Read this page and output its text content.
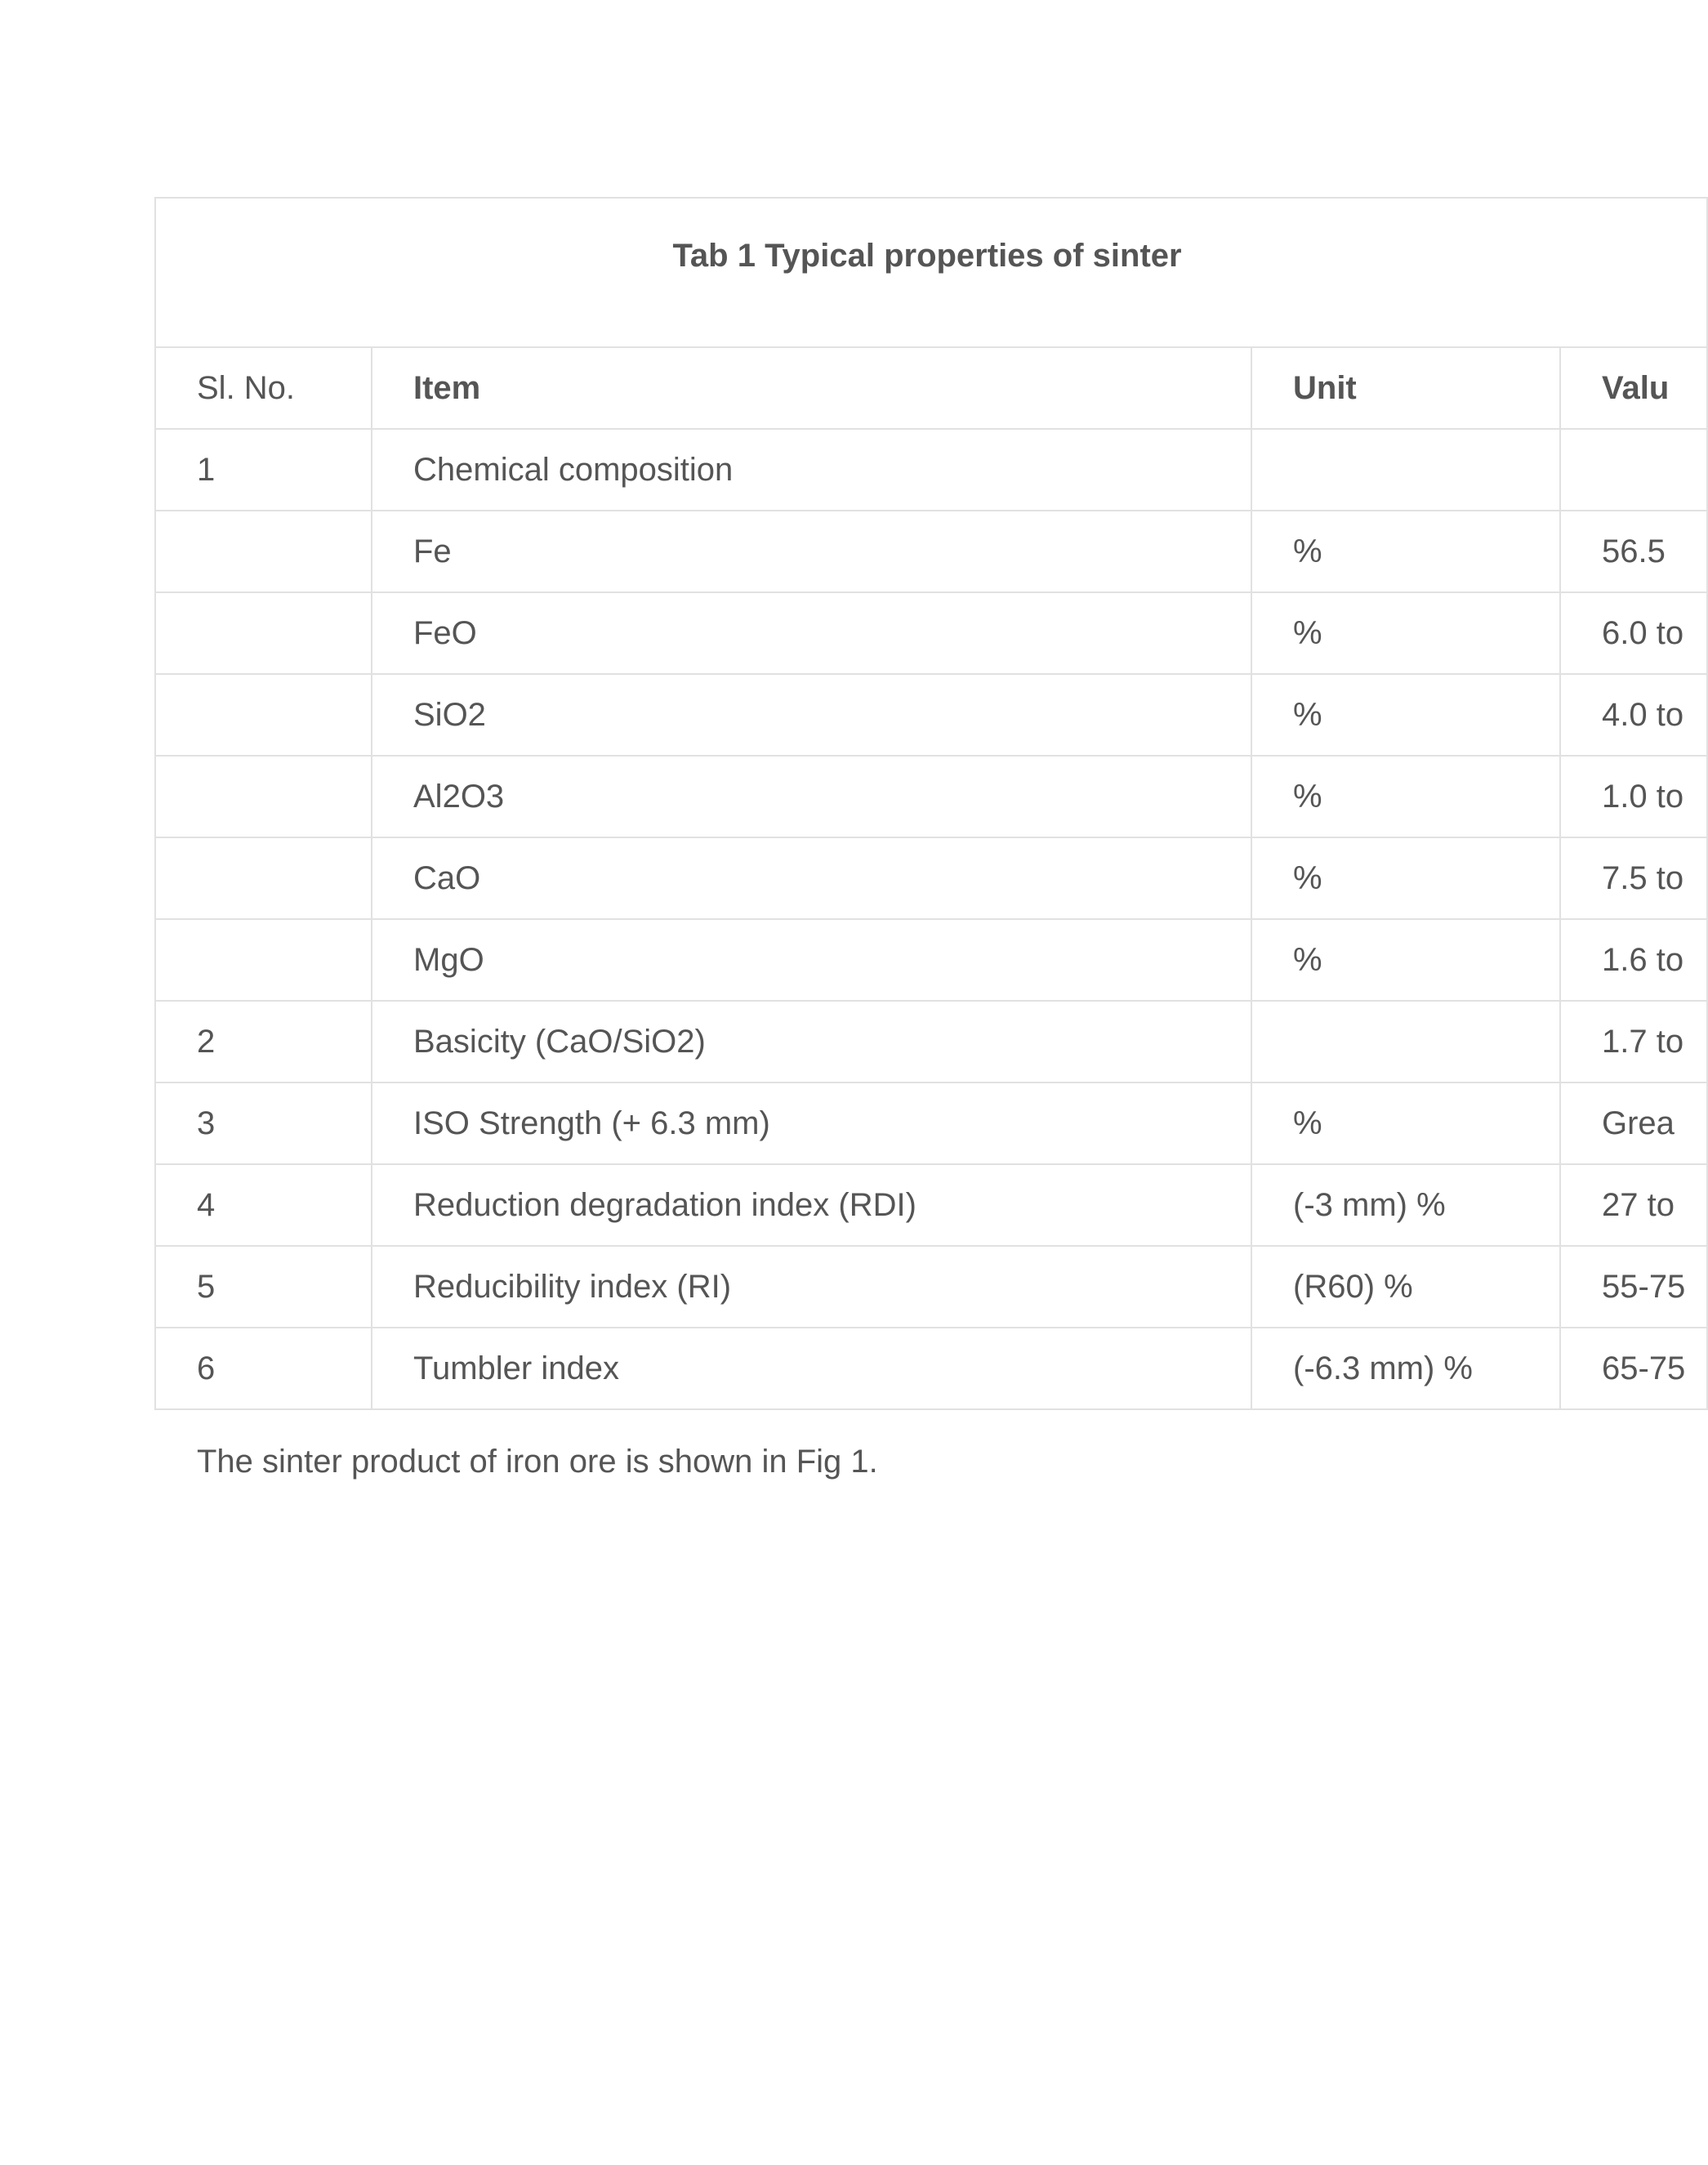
Tab 1 Typical properties of sinter			
Sl. No.	Item	Unit	Valu
1	Chemical composition		
	Fe	%	56.5
	FeO	%	6.0 to
	SiO2	%	4.0 to
	Al2O3	%	1.0 to
	CaO	%	7.5 to
	MgO	%	1.6 to
2	Basicity (CaO/SiO2)		1.7 to
3	ISO Strength (+ 6.3 mm)	%	Grea
4	Reduction degradation index (RDI)	(-3 mm) %	27 to
5	Reducibility index (RI)	(R60) %	55-75
6	Tumbler index	(-6.3 mm) %	65-75

The sinter product of iron ore is shown in Fig 1.
